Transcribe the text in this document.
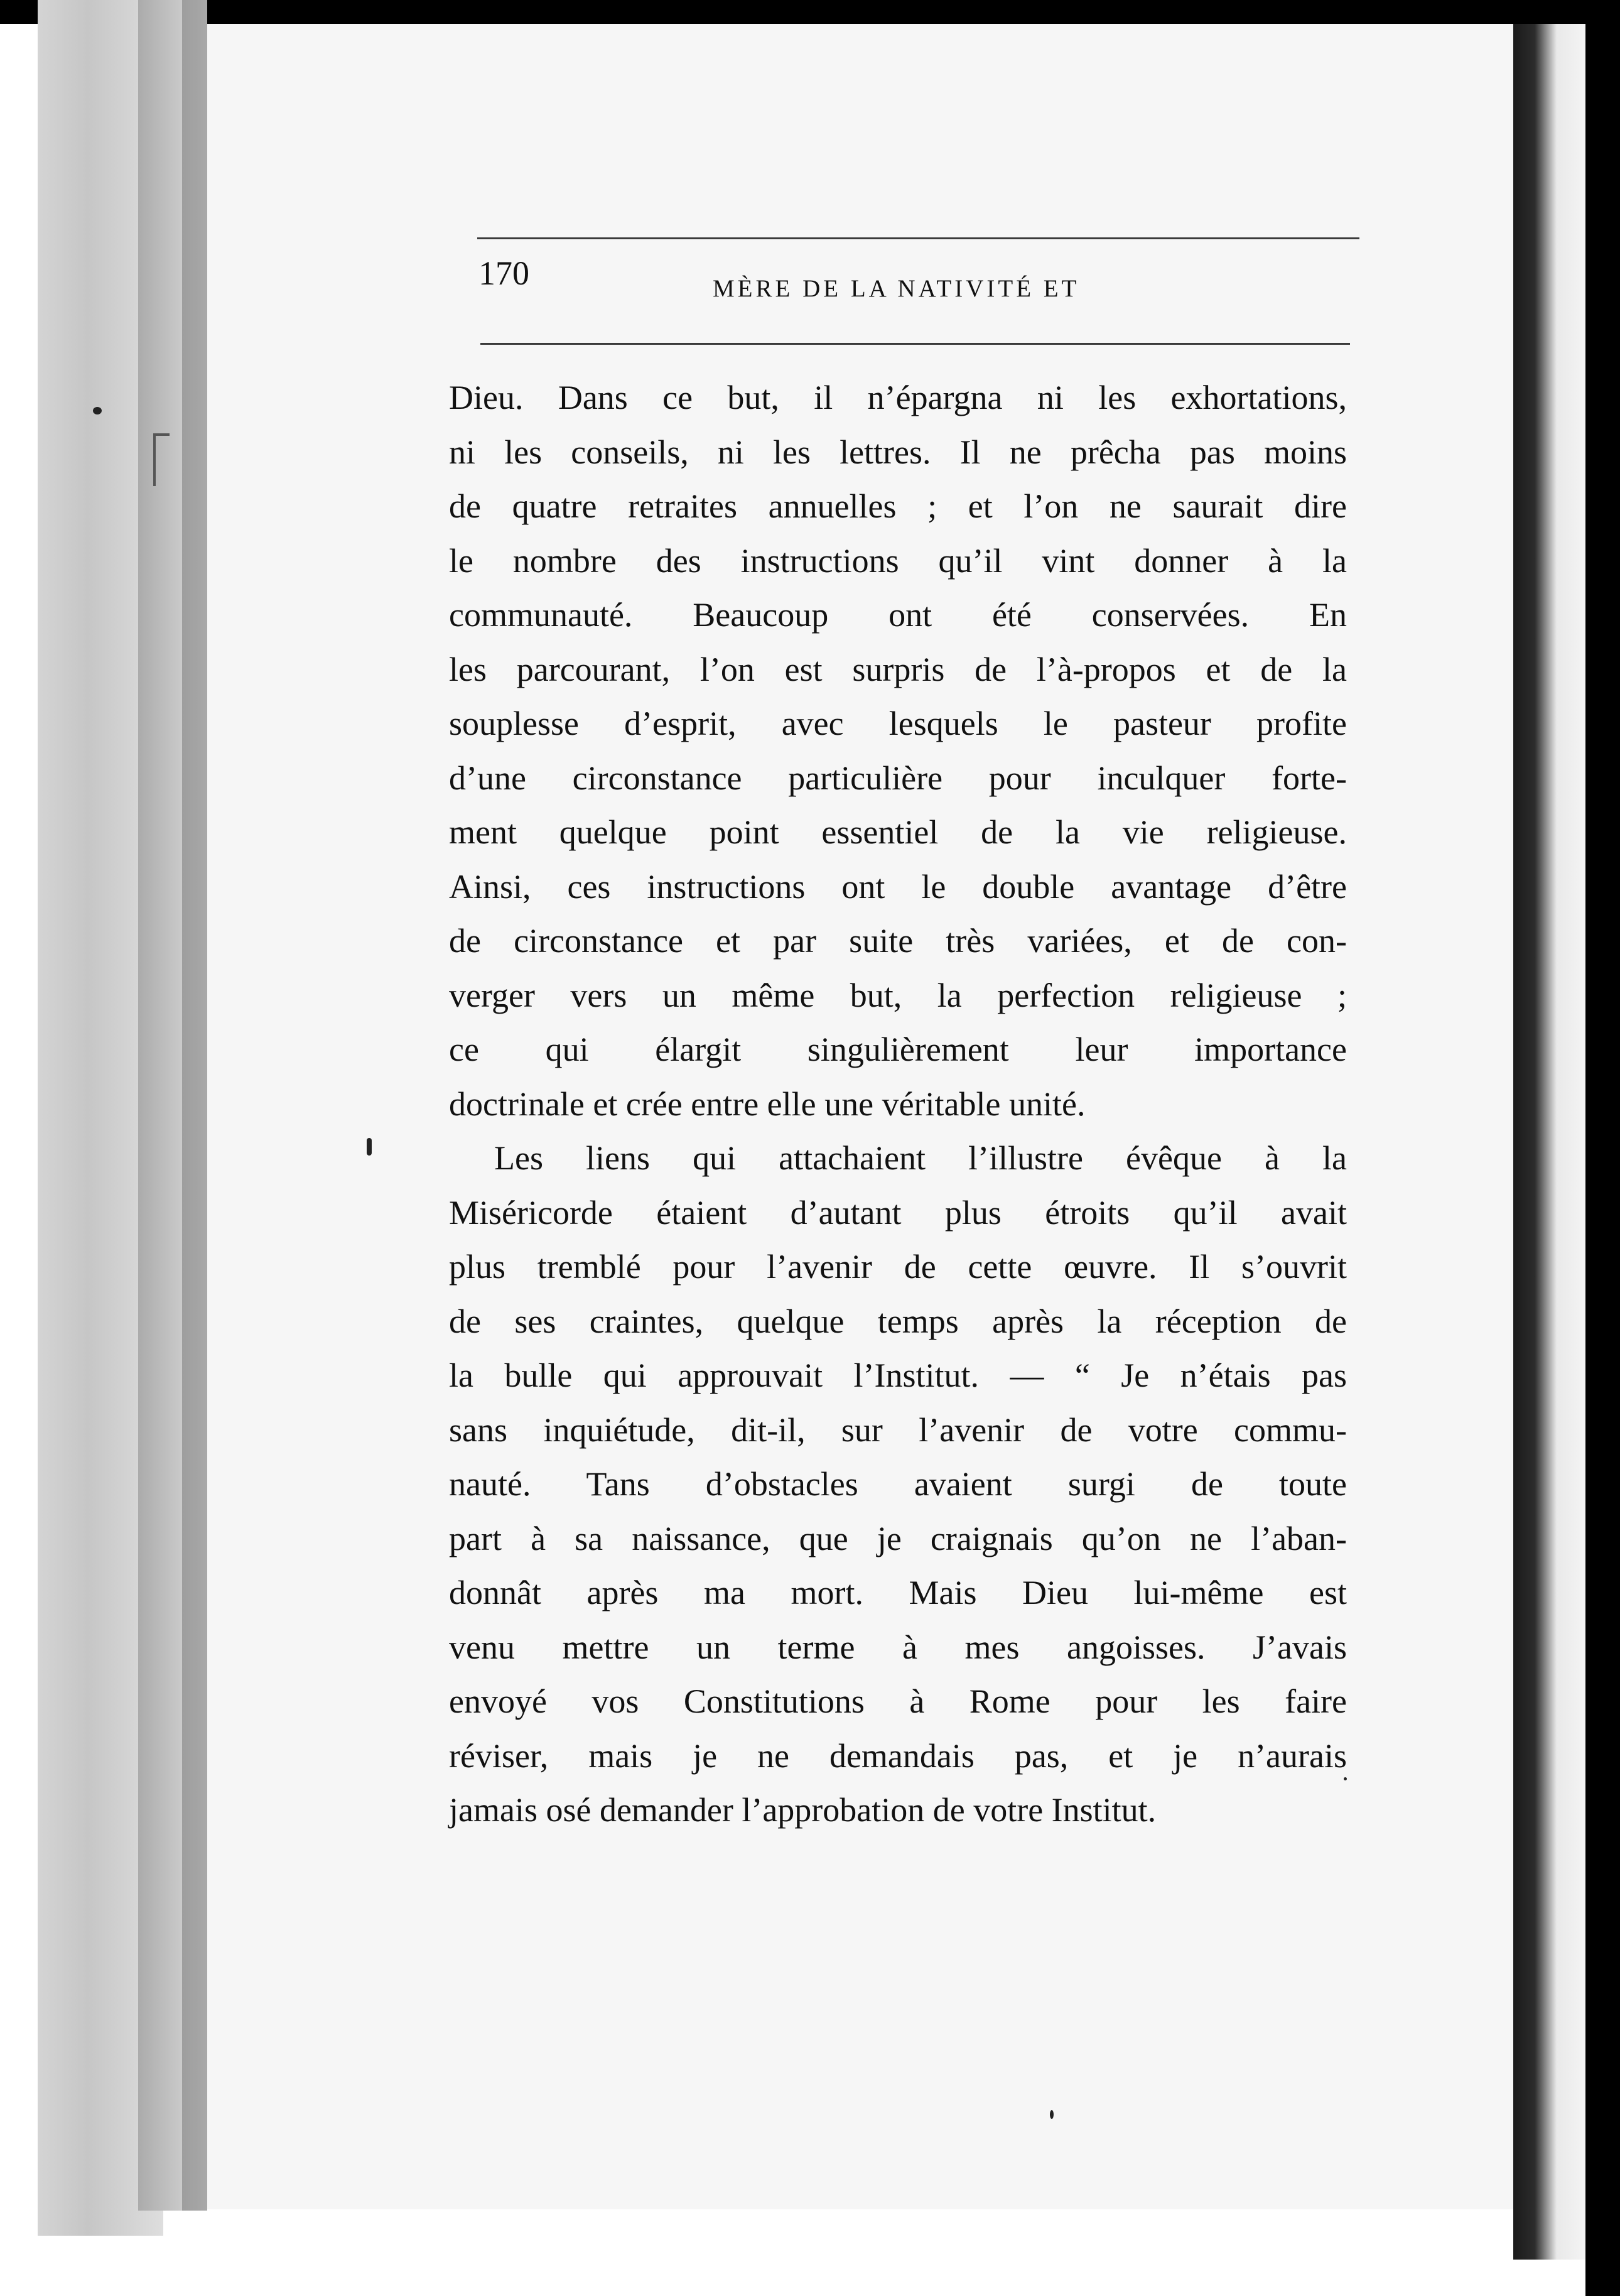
170	MÈRE DE LA NATIVITÉ ET
Dieu. Dans ce but, il n’épargna ni les exhortations,
ni les conseils, ni les lettres. Il ne prêcha pas moins
de quatre retraites annuelles ; et l’on ne saurait dire
le nombre des instructions qu’il vint donner à la
communauté. Beaucoup ont été conservées. En
les parcourant, l’on est surpris de l’à-propos et de la
souplesse d’esprit, avec lesquels le pasteur profite
d’une circonstance particulière pour inculquer forte-
ment quelque point essentiel de la vie religieuse.
Ainsi, ces instructions ont le double avantage d’être
de circonstance et par suite très variées, et de con-
verger vers un même but, la perfection religieuse ;
ce qui élargit singulièrement leur importance
doctrinale et crée entre elle une véritable unité.
Les liens qui attachaient l’illustre évêque à la
Miséricorde étaient d’autant plus étroits qu’il avait
plus tremblé pour l’avenir de cette œuvre. Il s’ouvrit
de ses craintes, quelque temps après la réception de
la bulle qui approuvait l’Institut. — “ Je n’étais pas
sans inquiétude, dit-il, sur l’avenir de votre commu-
nauté. Tans d’obstacles avaient surgi de toute
part à sa naissance, que je craignais qu’on ne l’aban-
donnât après ma mort. Mais Dieu lui-même est
venu mettre un terme à mes angoisses. J’avais
envoyé vos Constitutions à Rome pour les faire
réviser, mais je ne demandais pas, et je n’aurais
jamais osé demander l’approbation de votre Institut.
